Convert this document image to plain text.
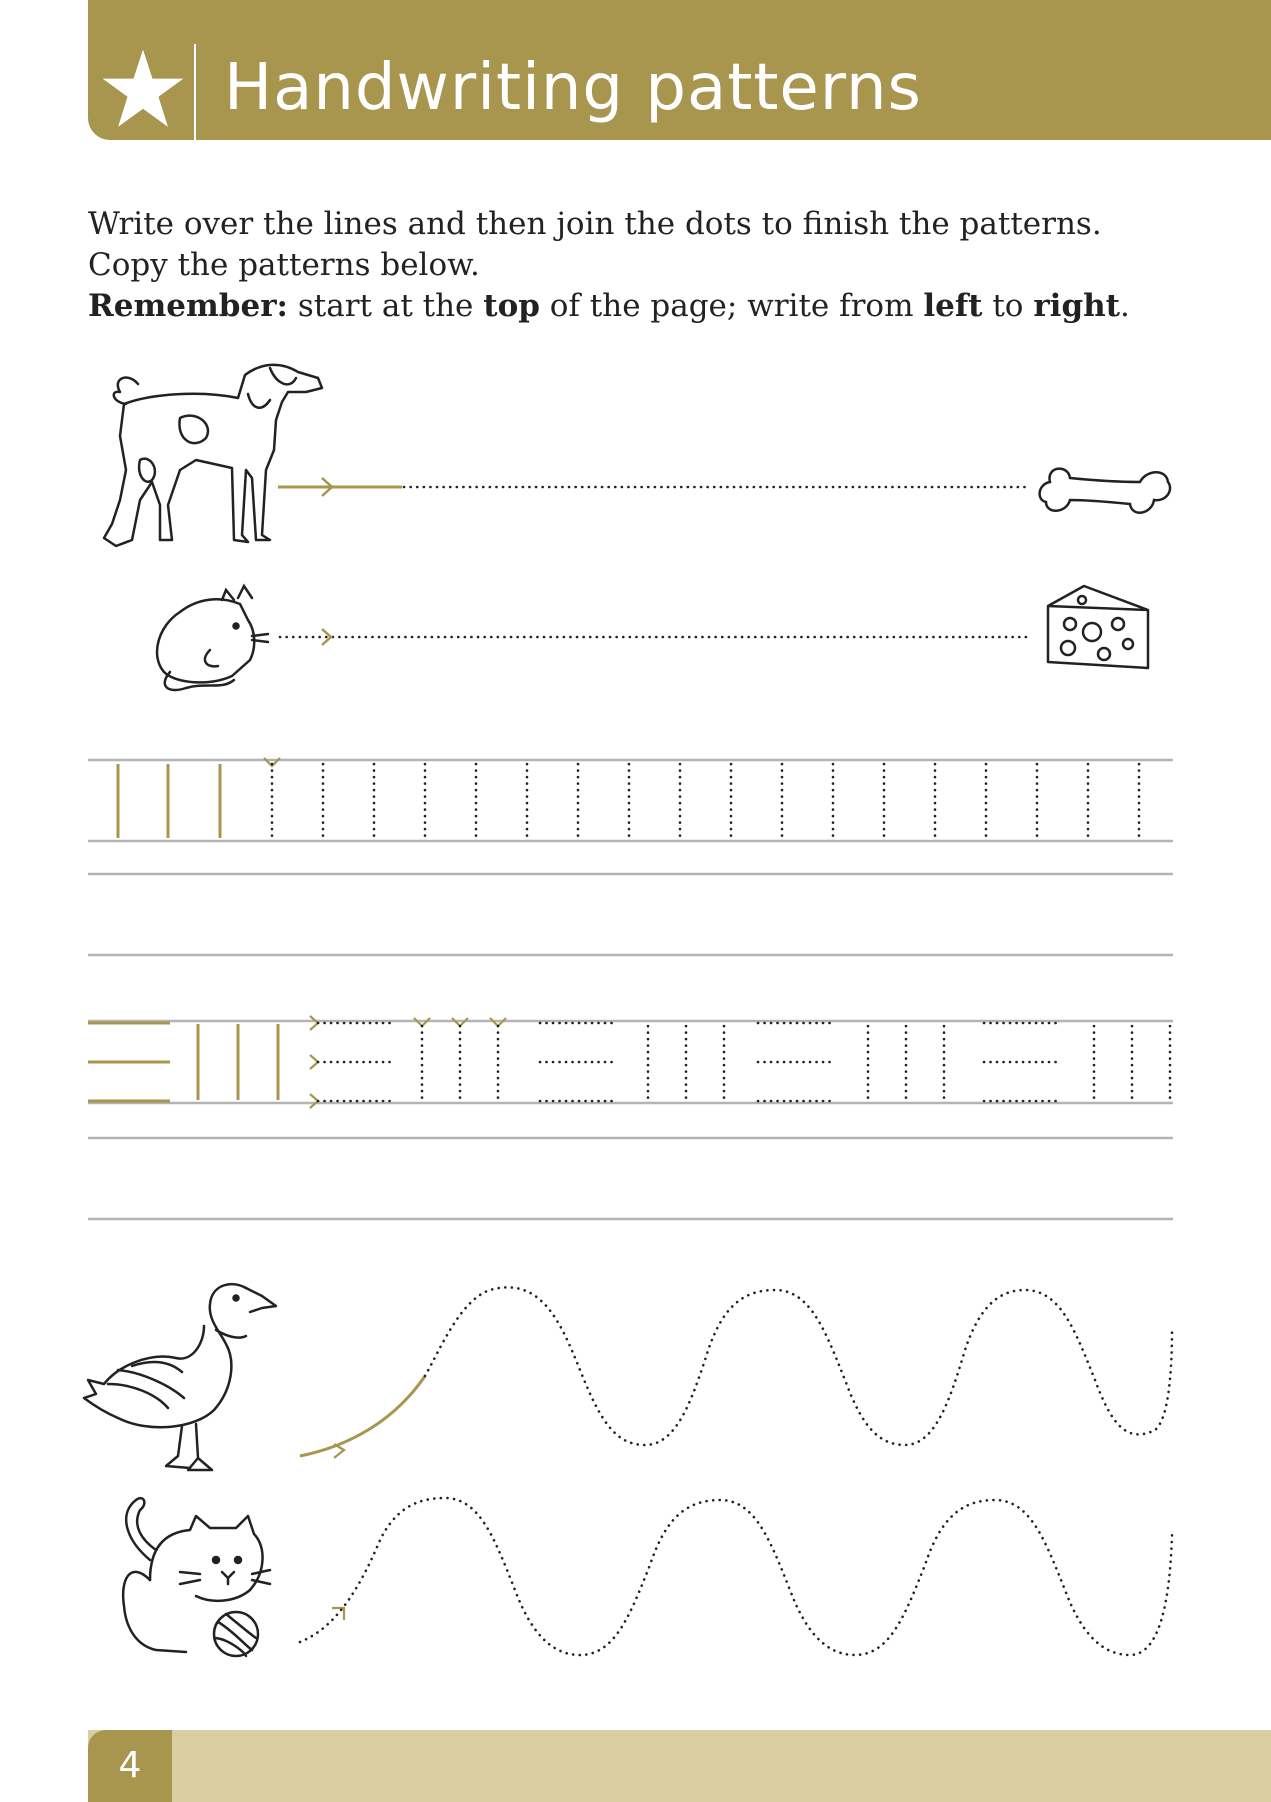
Handwriting patterns
Write over the lines and then join the dots to finish the patterns.
Copy the patterns below.
Remember: start at the top of the page; write from left to right.
4
